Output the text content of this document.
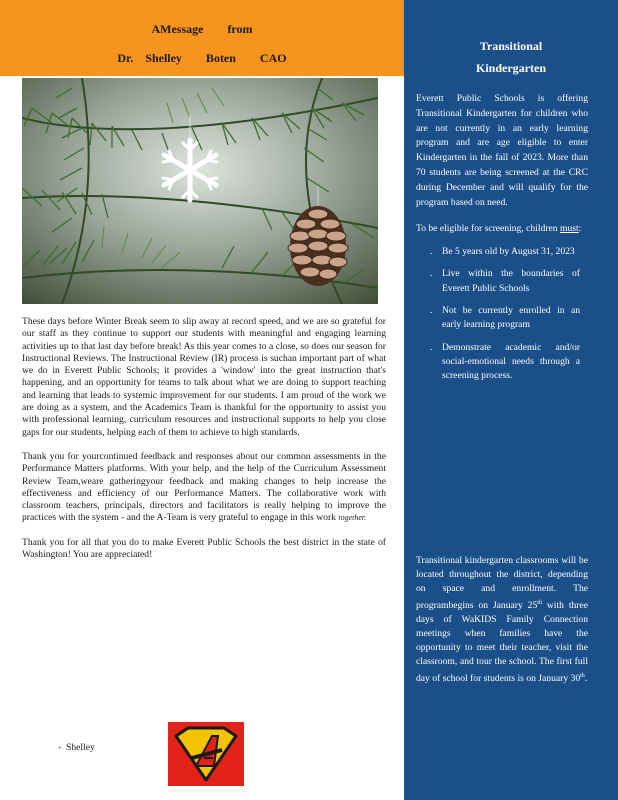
AMessage        from
Dr.    Shelley        Boten        CAO

These days before Winter Break seem to slip away at record speed, and we are so grateful for our staff as they continue to support our students with meaningful and engaging learning activities up to that last day before break! As this year comes to a close, so does our season for Instructional Reviews. The Instructional Review (IR) process is suchan important part of what we do in Everett Public Schools; it provides a 'window' into the great instruction that's happening, and an opportunity for teams to talk about what we are doing to support teaching and learning that leads to systemic improvement for our students. I am proud of the work we are doing as a system, and the Academics Team is thankful for the opportunity to assist you with professional learning, curriculum resources and instructional supports to help you close gaps for our students, helping each of them to achieve to high standards.

Thank you for yourcontinued feedback and responses about our common assessments in the Performance Matters platforms. With your help, and the help of the Curriculum Assessment Review Team,weare gatheringyour feedback and making changes to help increase the effectiveness and efficiency of our Performance Matters. The collaborative work with classroom teachers, principals, directors and facilitators is really helping to improve the practices with the system - and the A-Team is very grateful to engage in this work together.

Thank you for all that you do to make Everett Public Schools the best district in the state of Washington! You are appreciated!

-  Shelley
Transitional
Kindergarten

Everett Public Schools is offering Transitional Kindergarten for children who are not currently in an early learning program and are age eligible to enter Kindergarten in the fall of 2023. More than 70 students are being screened at the CRC during December and will qualify for the program based on need.

To be eligible for screening, children must:

. Be 5 years old by August 31, 2023
. Live within the boundaries of Everett Public Schools
. Not be currently enrolled in an early learning program
. Demonstrate academic and/or social-emotional needs through a screening process.
Transitional kindergarten classrooms will be located throughout the district, depending on space and enrollment. The programbegins on January 25th with three days of WaKIDS Family Connection meetings when families have the opportunity to meet their teacher, visit the classroom, and tour the school. The first full day of school for students is on January 30th.
